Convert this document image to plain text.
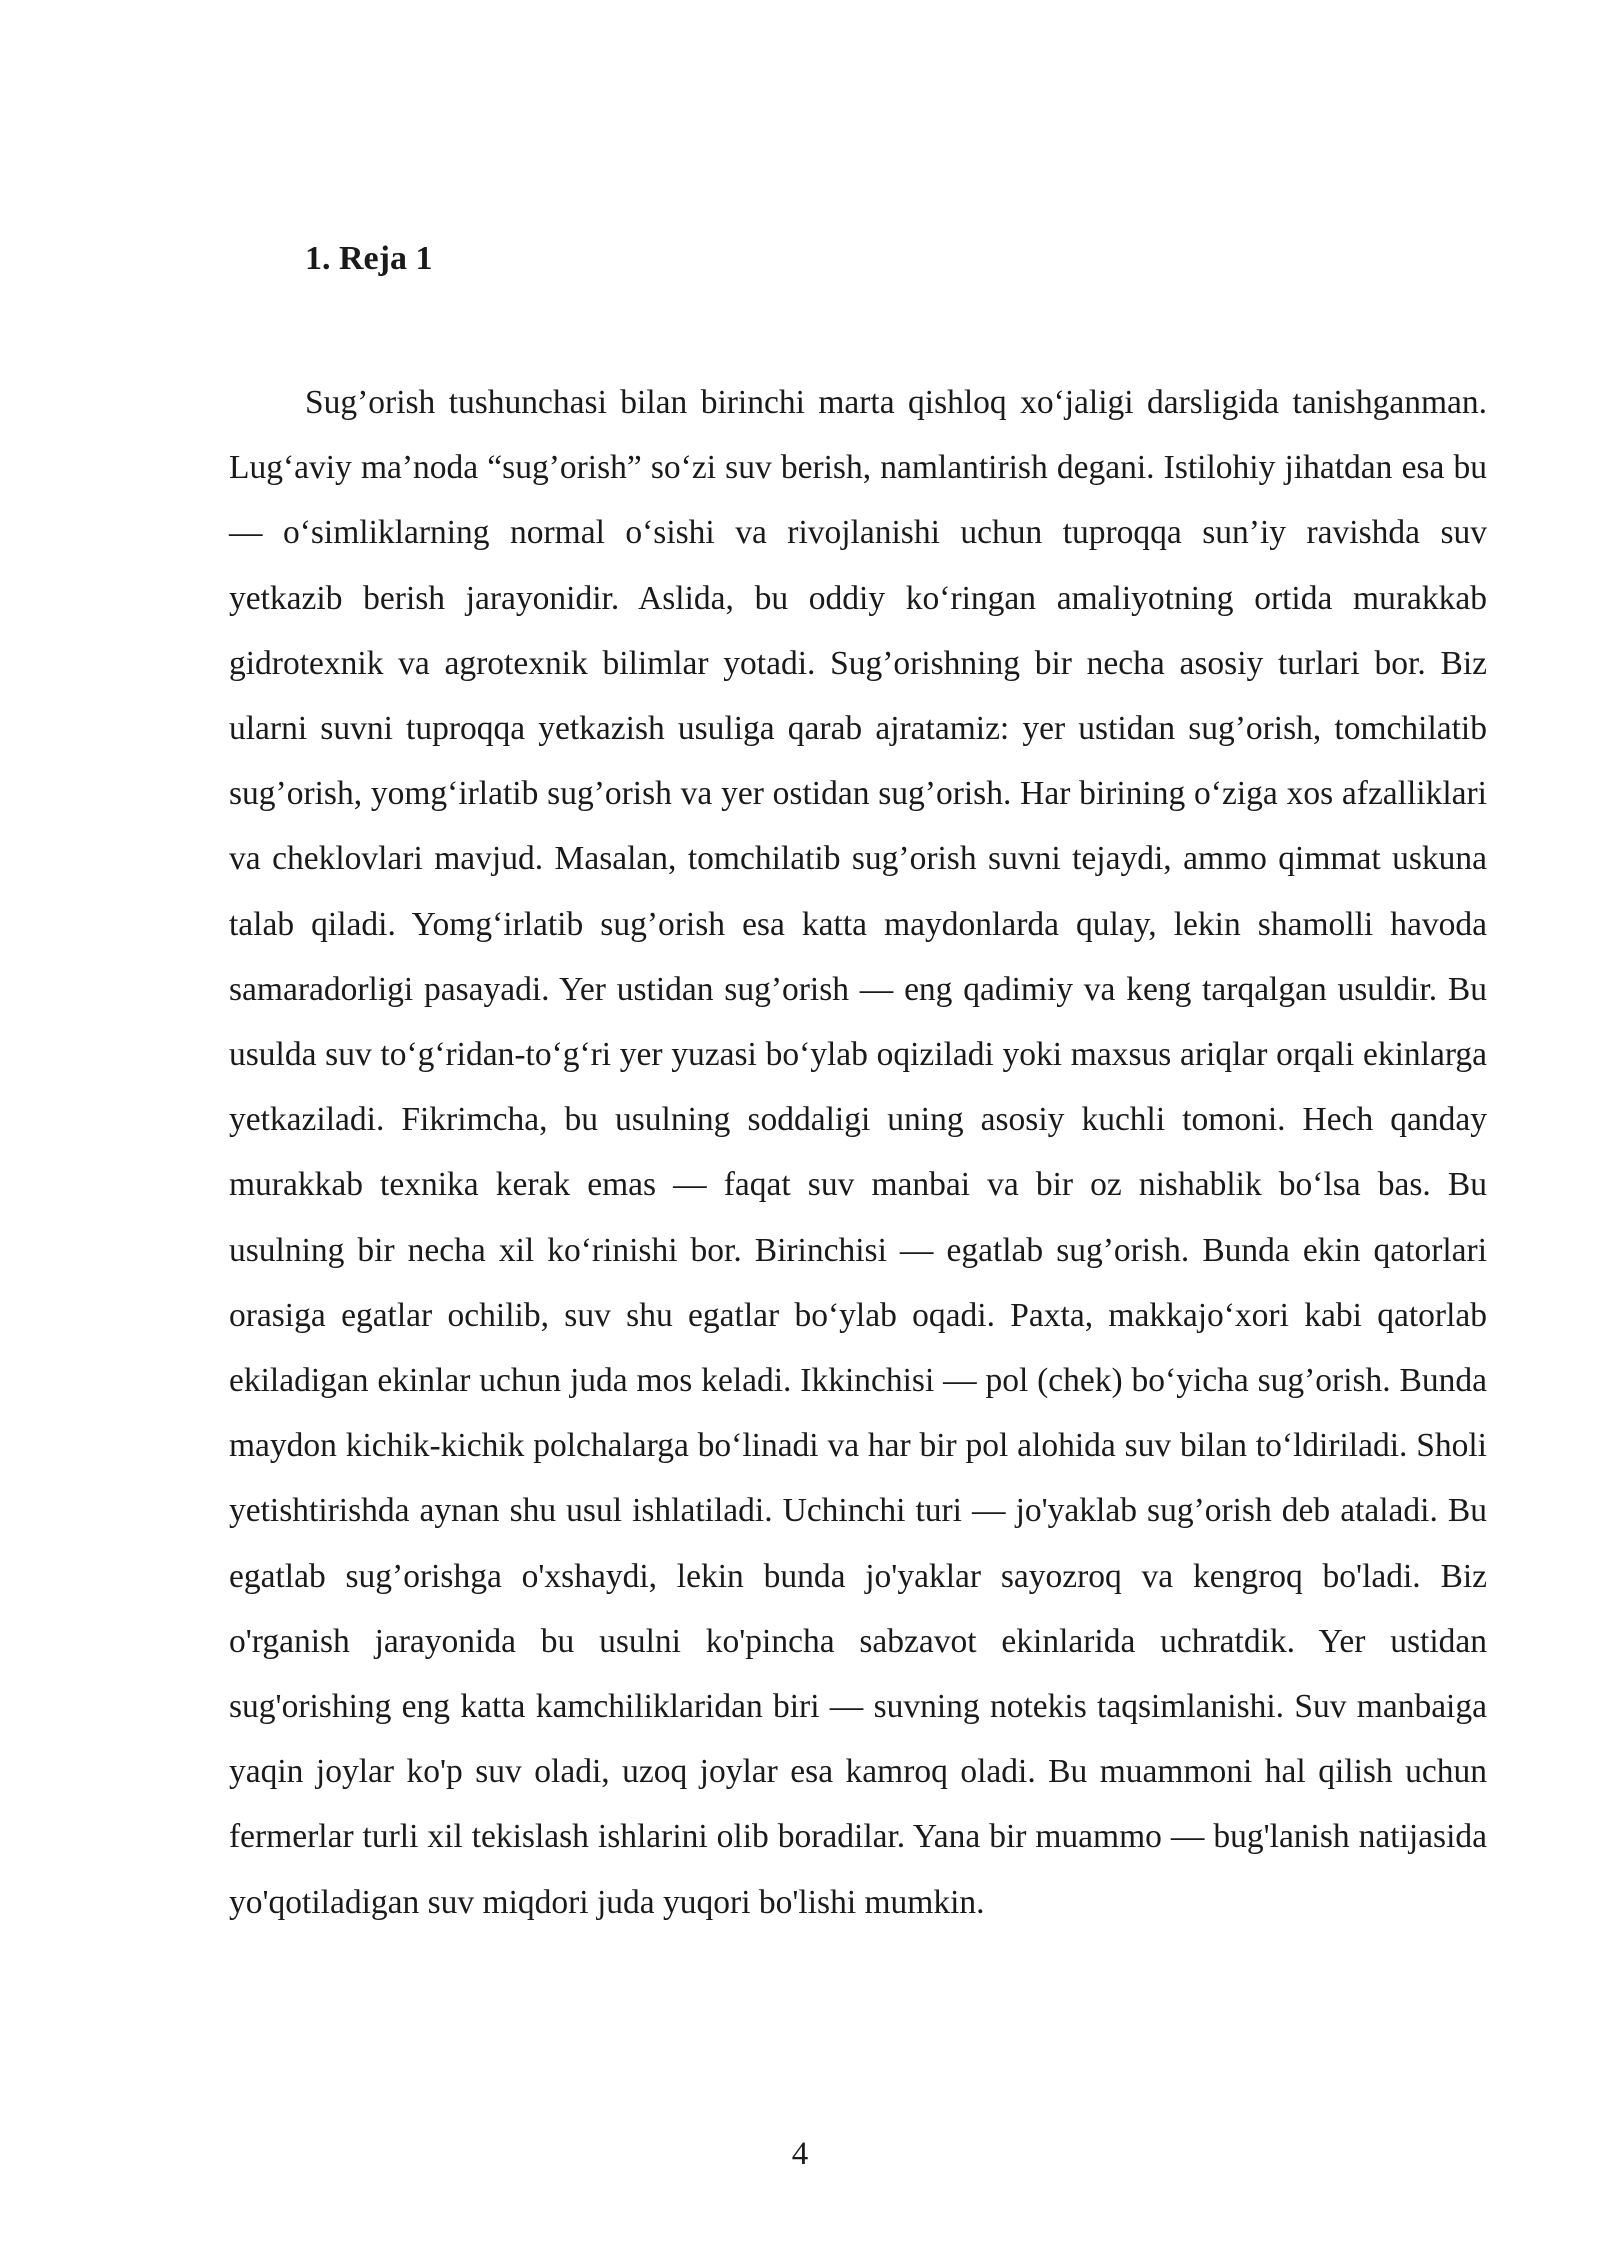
1. Reja 1

Sug’orish tushunchasi bilan birinchi marta qishloq xo‘jaligi darsligida tanishganman. Lug‘aviy ma’noda “sug’orish” so‘zi suv berish, namlantirish degani. Istilohiy jihatdan esa bu — o‘simliklarning normal o‘sishi va rivojlanishi uchun tuproqqa sun’iy ravishda suv yetkazib berish jarayonidir. Aslida, bu oddiy ko‘ringan amaliyotning ortida murakkab gidrotexnik va agrotexnik bilimlar yotadi. Sug’orishning bir necha asosiy turlari bor. Biz ularni suvni tuproqqa yetkazish usuliga qarab ajratamiz: yer ustidan sug’orish, tomchilatib sug’orish, yomg‘irlatib sug’orish va yer ostidan sug’orish. Har birining o‘ziga xos afzalliklari va cheklovlari mavjud. Masalan, tomchilatib sug’orish suvni tejaydi, ammo qimmat uskuna talab qiladi. Yomg‘irlatib sug’orish esa katta maydonlarda qulay, lekin shamolli havoda samaradorligi pasayadi. Yer ustidan sug’orish — eng qadimiy va keng tarqalgan usuldir. Bu usulda suv to‘g‘ridan-to‘g‘ri yer yuzasi bo‘ylab oqiziladi yoki maxsus ariqlar orqali ekinlarga yetkaziladi. Fikrimcha, bu usulning soddaligi uning asosiy kuchli tomoni. Hech qanday murakkab texnika kerak emas — faqat suv manbai va bir oz nishablik bo‘lsa bas. Bu usulning bir necha xil ko‘rinishi bor. Birinchisi — egatlab sug’orish. Bunda ekin qatorlari orasiga egatlar ochilib, suv shu egatlar bo‘ylab oqadi. Paxta, makkajo‘xori kabi qatorlab ekiladigan ekinlar uchun juda mos keladi. Ikkinchisi — pol (chek) bo‘yicha sug’orish. Bunda maydon kichik-kichik polchalarga bo‘linadi va har bir pol alohida suv bilan to‘ldiriladi. Sholi yetishtirishda aynan shu usul ishlatiladi. Uchinchi turi — jo'yaklab sug’orish deb ataladi. Bu egatlab sug’orishga o'xshaydi, lekin bunda jo'yaklar sayozroq va kengroq bo'ladi. Biz o'rganish jarayonida bu usulni ko'pincha sabzavot ekinlarida uchratdik. Yer ustidan sug'orishing eng katta kamchiliklaridan biri — suvning notekis taqsimlanishi. Suv manbaiga yaqin joylar ko'p suv oladi, uzoq joylar esa kamroq oladi. Bu muammoni hal qilish uchun fermerlar turli xil tekislash ishlarini olib boradilar. Yana bir muammo — bug'lanish natijasida yo'qotiladigan suv miqdori juda yuqori bo'lishi mumkin.

4
